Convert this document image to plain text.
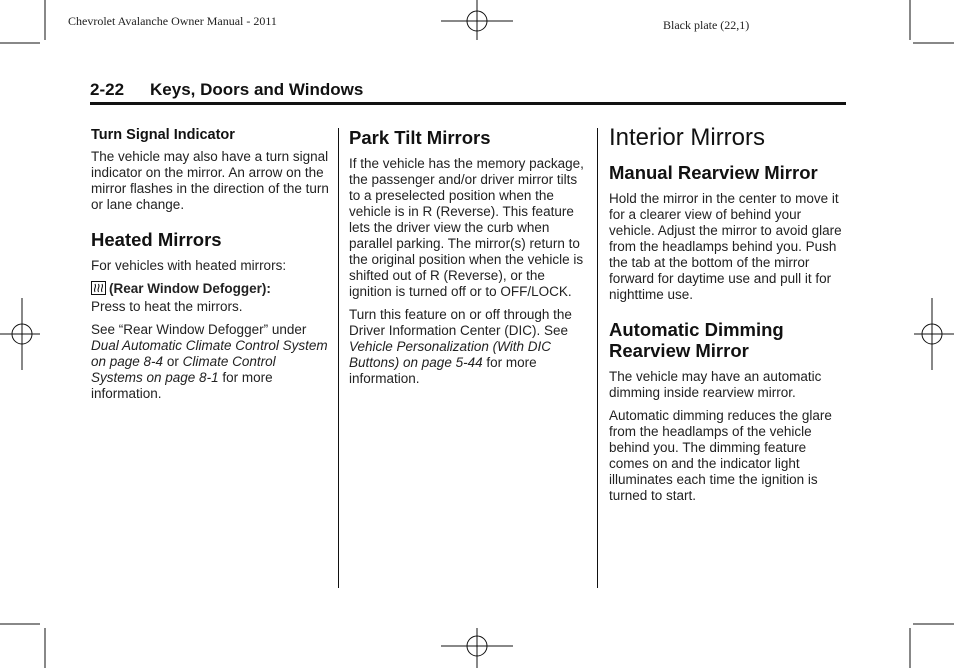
Chevrolet Avalanche Owner Manual - 2011	Black plate (22,1)
2-22 Keys, Doors and Windows
Turn Signal Indicator

The vehicle may also have a turn signal indicator on the mirror. An arrow on the mirror flashes in the direction of the turn or lane change.

Heated Mirrors

For vehicles with heated mirrors:

(Rear Window Defogger):
Press to heat the mirrors.

See “Rear Window Defogger” under Dual Automatic Climate Control System on page 8-4 or Climate Control Systems on page 8-1 for more information.

Park Tilt Mirrors

If the vehicle has the memory package, the passenger and/or driver mirror tilts to a preselected position when the vehicle is in R (Reverse). This feature lets the driver view the curb when parallel parking. The mirror(s) return to the original position when the vehicle is shifted out of R (Reverse), or the ignition is turned off or to OFF/LOCK.

Turn this feature on or off through the Driver Information Center (DIC). See Vehicle Personalization (With DIC Buttons) on page 5-44 for more information.

Interior Mirrors
Manual Rearview Mirror

Hold the mirror in the center to move it for a clearer view of behind your vehicle. Adjust the mirror to avoid glare from the headlamps behind you. Push the tab at the bottom of the mirror forward for daytime use and pull it for nighttime use.

Automatic Dimming Rearview Mirror

The vehicle may have an automatic dimming inside rearview mirror.

Automatic dimming reduces the glare from the headlamps of the vehicle behind you. The dimming feature comes on and the indicator light illuminates each time the ignition is turned to start.
